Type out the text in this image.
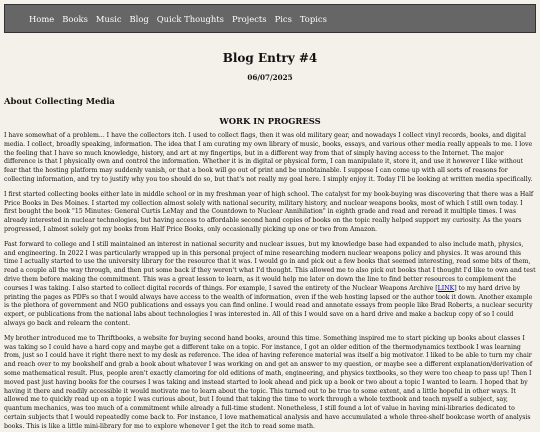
Home Books Music Blog Quick Thoughts Projects Pics Topics
Blog Entry #4
06/07/2025
About Collecting Media
WORK IN PROGRESS

I have somewhat of a problem... I have the collectors itch. I used to collect flags, then it was old military gear, and nowadays I collect vinyl records, books, and digital media. I collect, broadly speaking, information. The idea that I am curating my own library of music, books, essays, and various other media really appeals to me. I love the feeling that I have so much knowledge, history, and art at my fingertips, but in a different way from that of simply having access to the Internet. The major difference is that I physically own and control the information. Whether it is in digital or physical form, I can manipulate it, store it, and use it however I like without fear that the hosting platform may suddenly vanish, or that a book will go out of print and be unobtainable. I suppose I can come up with all sorts of reasons for collecting information, and try to justify why you too should do so, but that's not really my goal here. I simply enjoy it. Today I'll be looking at written media specifically.

I first started collecting books either late in middle school or in my freshman year of high school. The catalyst for my book-buying was discovering that there was a Half Price Books in Des Moines. I started my collection almost solely with national security, military history, and nuclear weapons books, most of which I still own today. I first bought the book "15 Minutes: General Curtis LeMay and the Countdown to Nuclear Annihilation" in eighth grade and read and reread it multiple times. I was already interested in nuclear technologies, but having access to affordable second hand copies of books on the topic really helped support my curiosity. As the years progressed, I almost solely got my books from Half Price Books, only occasionally picking up one or two from Amazon.

Fast forward to college and I still maintained an interest in national security and nuclear issues, but my knowledge base had expanded to also include math, physics, and engineering. In 2022 I was particularly wrapped up in this personal project of mine researching modern nuclear weapons policy and physics. It was around this time I actually started to use the university library for the resource that it was. I would go in and pick out a few books that seemed interesting, read some bits of them, read a couple all the way through, and then put some back if they weren't what I'd thought. This allowed me to also pick out books that I thought I'd like to own and test drive them before making the commitment. This was a great lesson to learn, as it would help me later on down the line to find better resources to complement the courses I was taking. I also started to collect digital records of things. For example, I saved the entirety of the Nuclear Weapons Archive [LINK] to my hard drive by printing the pages as PDFs so that I would always have access to the wealth of information, even if the web hosting lapsed or the author took it down. Another example is the plethora of government and NGO publications and essays you can find online. I would read and annotate essays from people like Brad Roberts, a nuclear security expert, or publications from the national labs about technologies I was interested in. All of this I would save on a hard drive and make a backup copy of so I could always go back and relearn the content.

My brother introduced me to Thriftbooks, a website for buying second hand books, around this time. Something inspired me to start picking up books about classes I was taking so I could have a hard copy and maybe get a different take on a topic. For instance, I got an older edition of the thermodynamics textbook I was learning from, just so I could have it right there next to my desk as reference. The idea of having reference material was itself a big motivator. I liked to be able to turn my chair and reach over to my bookshelf and grab a book about whatever I was working on and get an answer to my question, or maybe see a different explanation/derivation of some mathematical result. Plus, people aren't exactly clamoring for old editions of math, engineering, and physics textbooks, so they were too cheap to pass up! Then I moved past just having books for the courses I was taking and instead started to look ahead and pick up a book or two about a topic I wanted to learn. I hoped that by having it there and readily accessible it would motivate me to learn about the topic. This turned out to be true to some extent, and a little hopeful in other ways. It allowed me to quickly read up on a topic I was curious about, but I found that taking the time to work through a whole textbook and teach myself a subject, say, quantum mechanics, was too much of a commitment while already a full-time student. Nonetheless, I still found a lot of value in having mini-libraries dedicated to certain subjects that I would repeatedly come back to. For instance, I love mathematical analysis and have accumulated a whole three-shelf bookcase worth of analysis books. This is like a little mini-library for me to explore whenever I get the itch to read some math.
